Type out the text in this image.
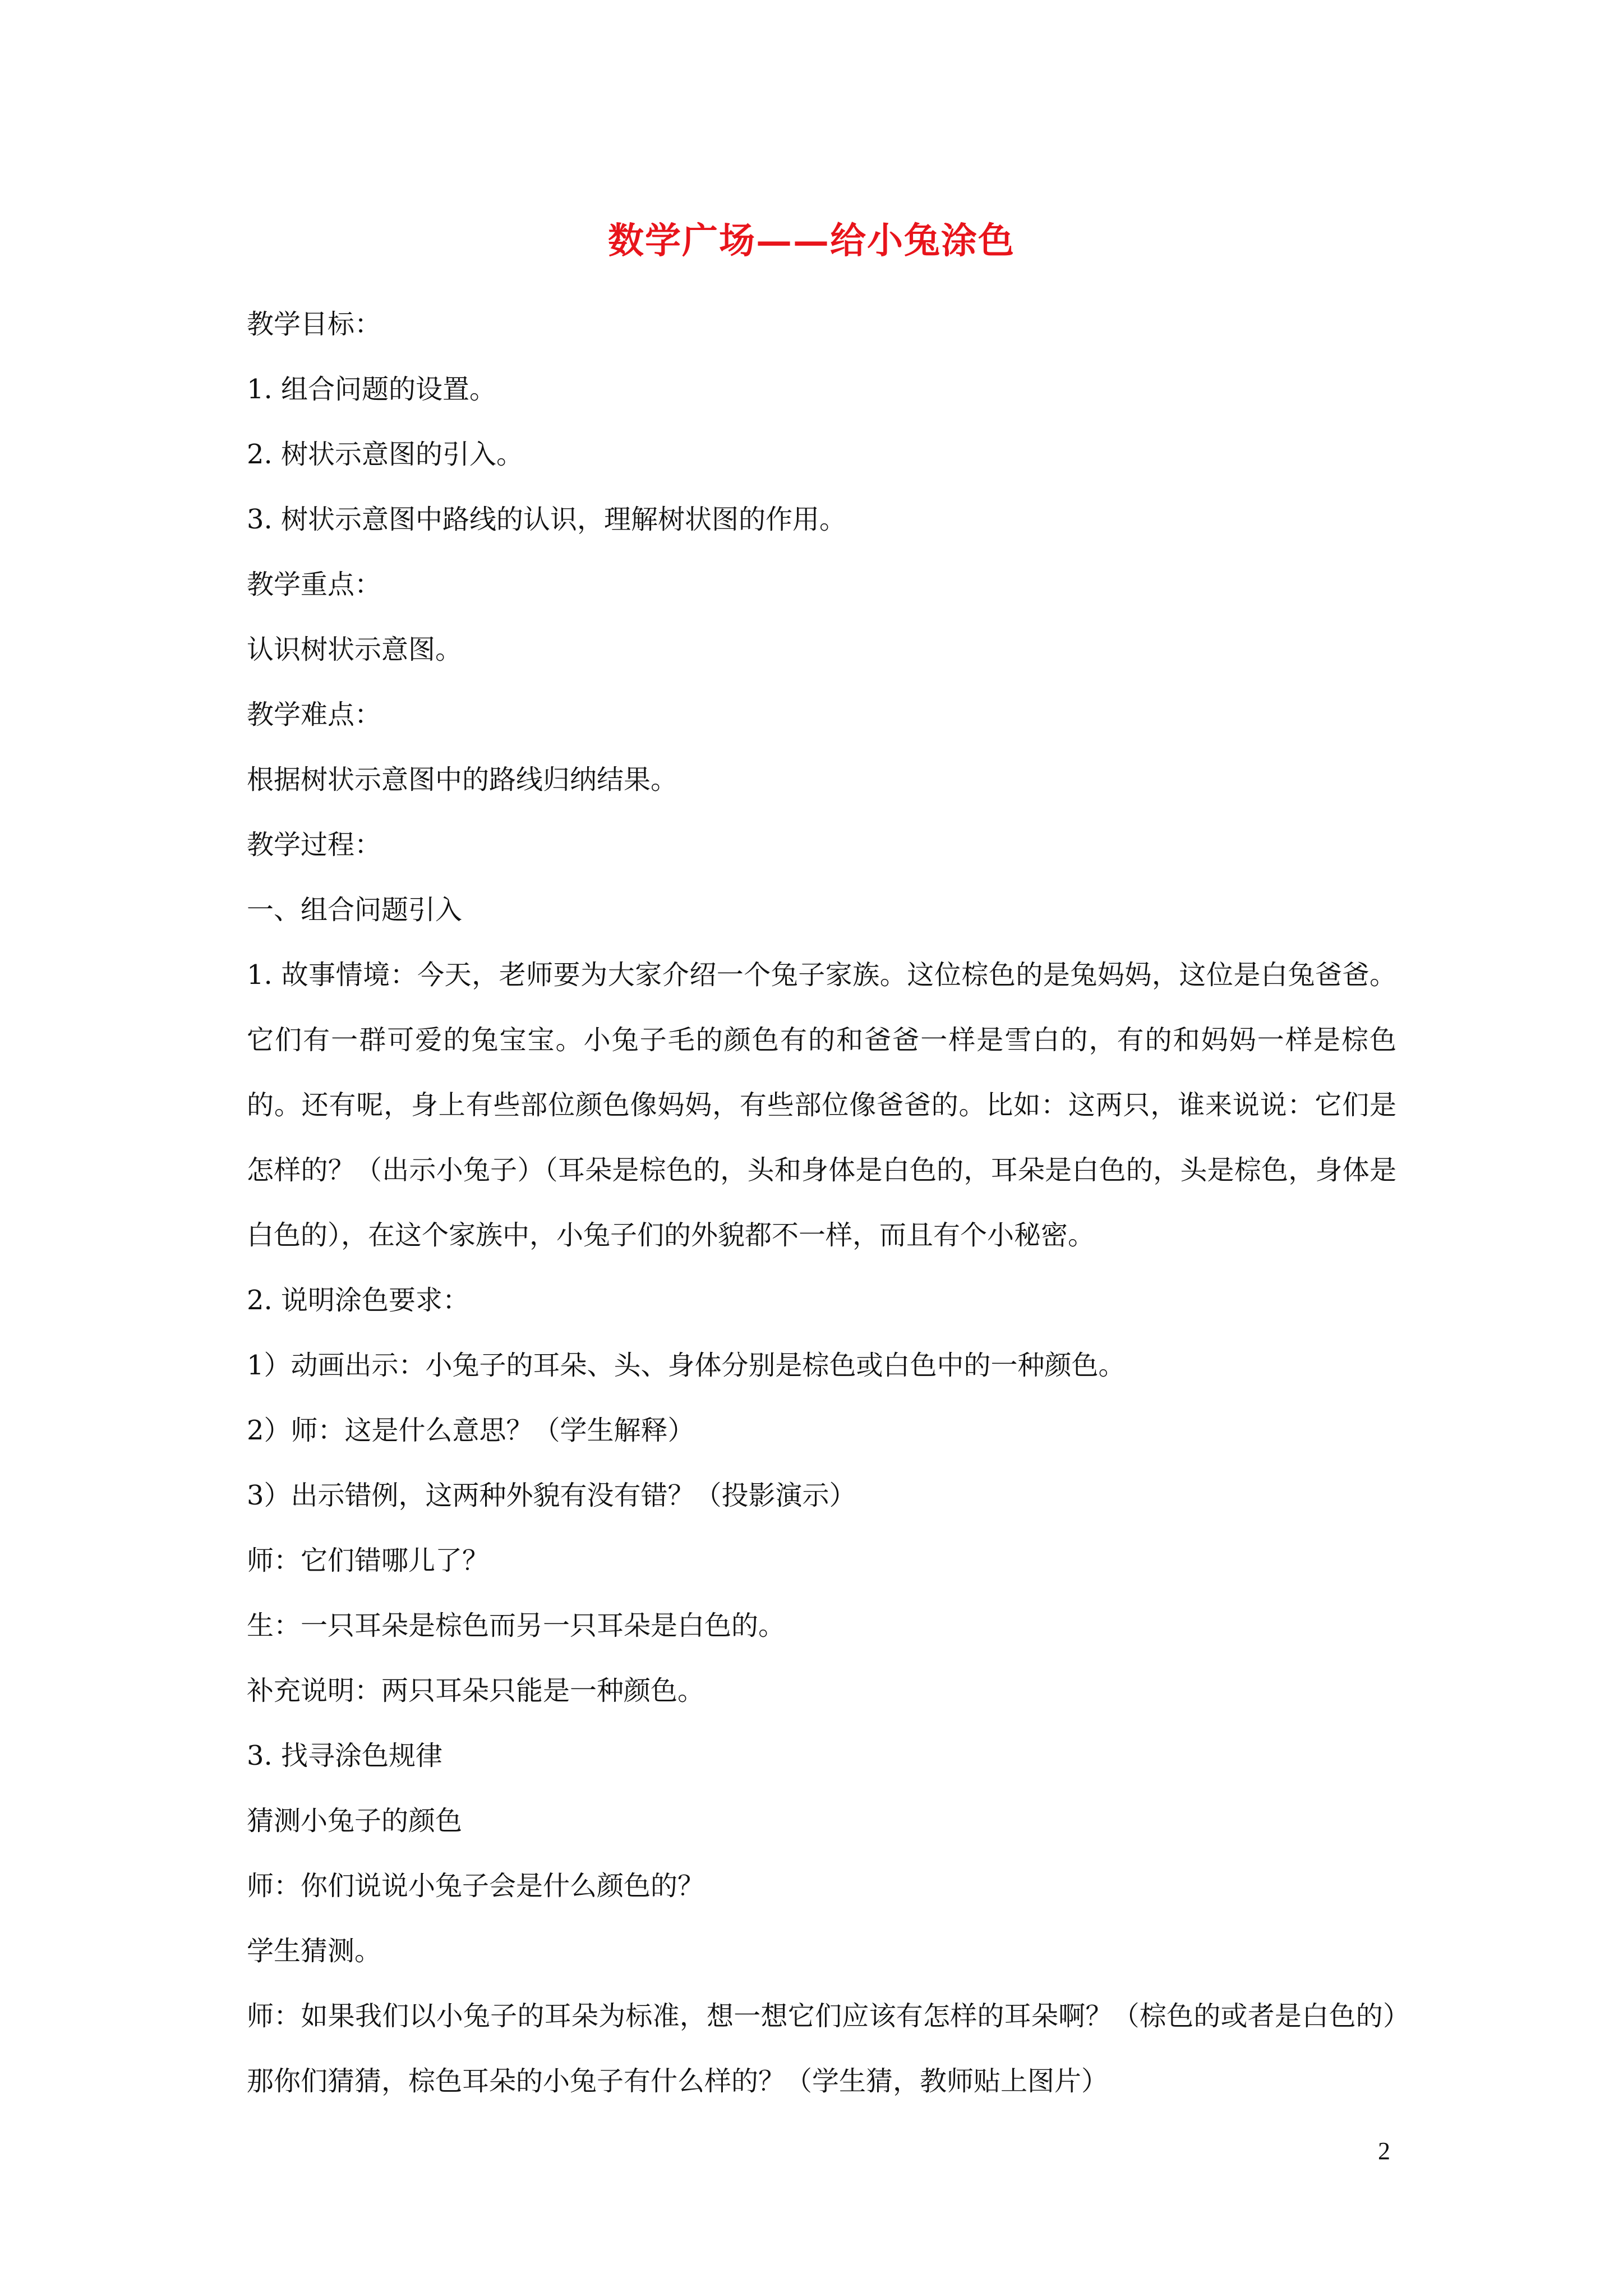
数学广场——给小兔涂色

教学目标：

1. 组合问题的设置。

2. 树状示意图的引入。

3. 树状示意图中路线的认识，理解树状图的作用。

教学重点：

认识树状示意图。

教学难点：

根据树状示意图中的路线归纳结果。

教学过程：

一、组合问题引入

1. 故事情境：今天，老师要为大家介绍一个兔子家族。这位棕色的是兔妈妈，这位是白兔爸爸。它们有一群可爱的兔宝宝。小兔子毛的颜色有的和爸爸一样是雪白的，有的和妈妈一样是棕色的。还有呢，身上有些部位颜色像妈妈，有些部位像爸爸的。比如：这两只，谁来说说：它们是怎样的？（出示小兔子）（耳朵是棕色的，头和身体是白色的，耳朵是白色的，头是棕色，身体是白色的），在这个家族中，小兔子们的外貌都不一样，而且有个小秘密。

2. 说明涂色要求：

1）动画出示：小兔子的耳朵、头、身体分别是棕色或白色中的一种颜色。

2）师：这是什么意思？（学生解释）

3）出示错例，这两种外貌有没有错？（投影演示）

师：它们错哪儿了？

生：一只耳朵是棕色而另一只耳朵是白色的。

补充说明：两只耳朵只能是一种颜色。

3. 找寻涂色规律

猜测小兔子的颜色

师：你们说说小兔子会是什么颜色的？

学生猜测。

师：如果我们以小兔子的耳朵为标准，想一想它们应该有怎样的耳朵啊？（棕色的或者是白色的）那你们猜猜，棕色耳朵的小兔子有什么样的？（学生猜，教师贴上图片）

2
